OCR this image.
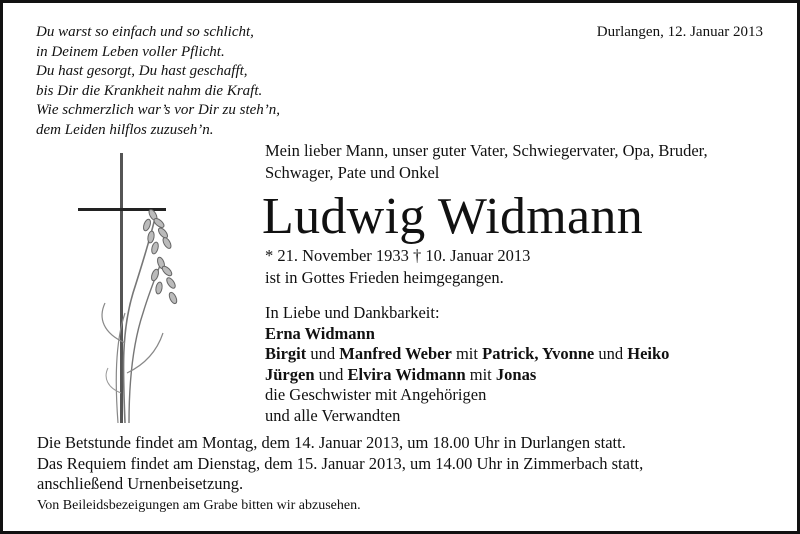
Du warst so einfach und so schlicht,
in Deinem Leben voller Pflicht.
Du hast gesorgt, Du hast geschafft,
bis Dir die Krankheit nahm die Kraft.
Wie schmerzlich war’s vor Dir zu steh’n,
dem Leiden hilflos zuzuseh’n.
Durlangen, 12. Januar 2013
Mein lieber Mann, unser guter Vater, Schwiegervater, Opa, Bruder, Schwager, Pate und Onkel
Ludwig Widmann
* 21. November 1933 † 10. Januar 2013
ist in Gottes Frieden heimgegangen.
In Liebe und Dankbarkeit:
Erna Widmann
Birgit und Manfred Weber mit Patrick, Yvonne und Heiko
Jürgen und Elvira Widmann mit Jonas
die Geschwister mit Angehörigen
und alle Verwandten
Die Betstunde findet am Montag, dem 14. Januar 2013, um 18.00 Uhr in Durlangen statt.
Das Requiem findet am Dienstag, dem 15. Januar 2013, um 14.00 Uhr in Zimmerbach statt,
anschließend Urnenbeisetzung.
Von Beileidsbezeigungen am Grabe bitten wir abzusehen.
